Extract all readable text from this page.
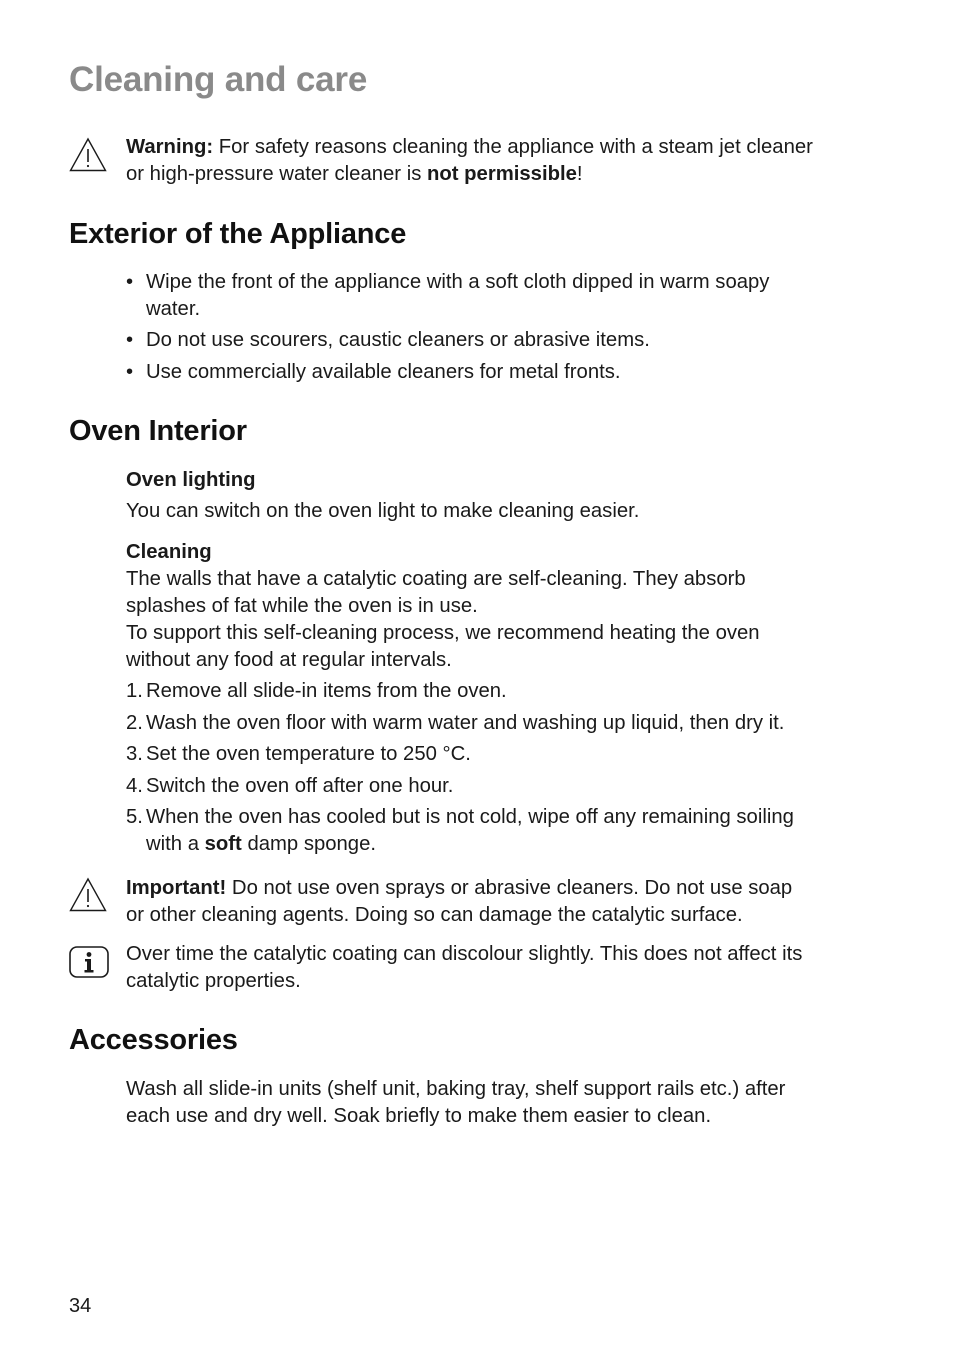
Cleaning and care
Warning: For safety reasons cleaning the appliance with a steam jet cleaner
or high-pressure water cleaner is not permissible!
Exterior of the Appliance
• Wipe the front of the appliance with a soft cloth dipped in warm soapy
water.
• Do not use scourers, caustic cleaners or abrasive items.
• Use commercially available cleaners for metal fronts.
Oven Interior
Oven lighting
You can switch on the oven light to make cleaning easier.
Cleaning
The walls that have a catalytic coating are self-cleaning. They absorb
splashes of fat while the oven is in use.
To support this self-cleaning process, we recommend heating the oven
without any food at regular intervals.
1. Remove all slide-in items from the oven.
2. Wash the oven floor with warm water and washing up liquid, then dry it.
3. Set the oven temperature to 250 °C.
4. Switch the oven off after one hour.
5. When the oven has cooled but is not cold, wipe off any remaining soiling
with a soft damp sponge.
Important! Do not use oven sprays or abrasive cleaners. Do not use soap
or other cleaning agents. Doing so can damage the catalytic surface.
Over time the catalytic coating can discolour slightly. This does not affect its
catalytic properties.
Accessories
Wash all slide-in units (shelf unit, baking tray, shelf support rails etc.) after
each use and dry well. Soak briefly to make them easier to clean.
34
